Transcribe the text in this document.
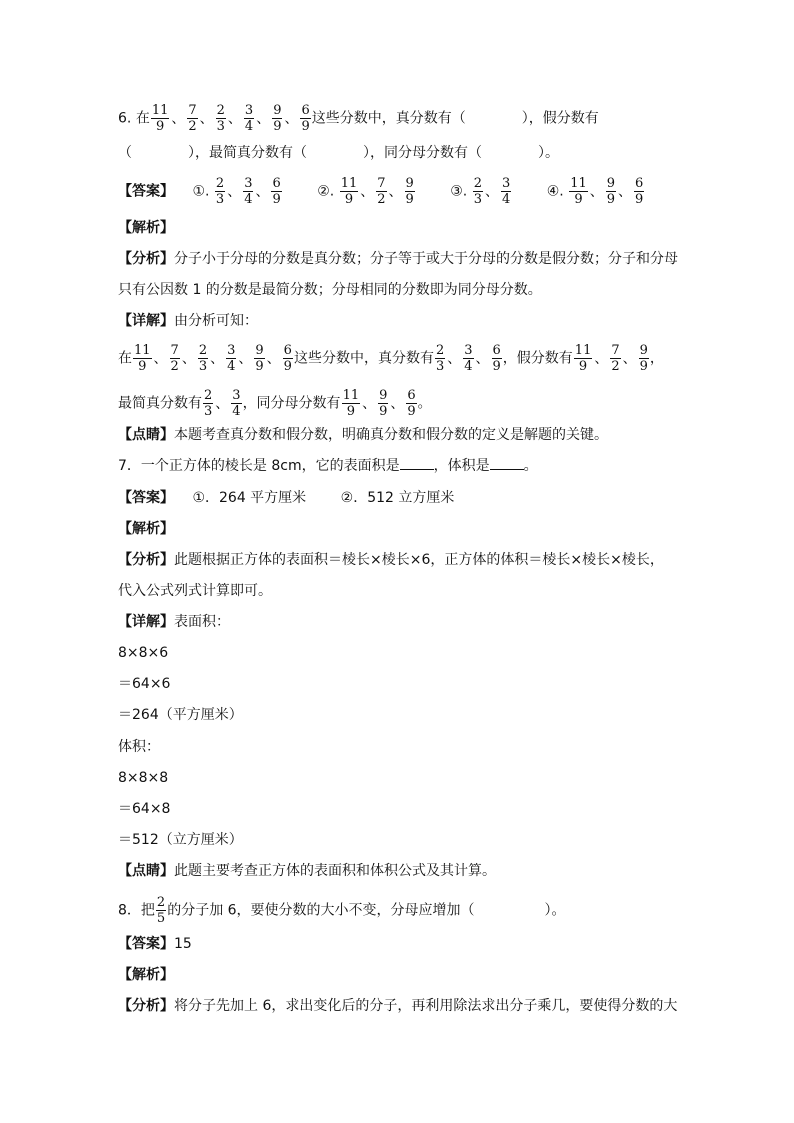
6. 在 $\frac{11}{9}$ 、 $\frac{7}{2}$ 、 $\frac{2}{3}$ 、 $\frac{3}{4}$ 、 $\frac{9}{9}$ 、 $\frac{6}{9}$ 这些分数中，真分数有（　　　　），假分数有
（　　　　），最简真分数有（　　　　），同分母分数有（　　　　）。
【答案】 ①. $\frac{2}{3}$ 、 $\frac{3}{4}$ 、 $\frac{6}{9}$	②. $\frac{11}{9}$ 、 $\frac{7}{2}$ 、 $\frac{9}{9}$	③. $\frac{2}{3}$ 、 $\frac{3}{4}$	④. $\frac{11}{9}$ 、 $\frac{9}{9}$ 、 $\frac{6}{9}$
【解析】
【分析】分子小于分母的分数是真分数；分子等于或大于分母的分数是假分数；分子和分母
只有公因数 1 的分数是最简分数；分母相同的分数即为同分母分数。
【详解】由分析可知：
在 $\frac{11}{9}$ 、 $\frac{7}{2}$ 、 $\frac{2}{3}$ 、 $\frac{3}{4}$ 、 $\frac{9}{9}$ 、 $\frac{6}{9}$ 这些分数中，真分数有 $\frac{2}{3}$ 、 $\frac{3}{4}$ 、 $\frac{6}{9}$ ，假分数有 $\frac{11}{9}$ 、 $\frac{7}{2}$ 、 $\frac{9}{9}$ ，
最简真分数有 $\frac{2}{3}$ 、 $\frac{3}{4}$ ，同分母分数有 $\frac{11}{9}$ 、 $\frac{9}{9}$ 、 $\frac{6}{9}$ 。
【点睛】本题考查真分数和假分数，明确真分数和假分数的定义是解题的关键。
7．一个正方体的棱长是 8cm，它的表面积是 ，体积是 。
【答案】 ①．264 平方厘米 ②．512 立方厘米
【解析】
【分析】此题根据正方体的表面积＝棱长×棱长×6，正方体的体积＝棱长×棱长×棱长，
代入公式列式计算即可。
【详解】表面积：
8×8×6
＝64×6
＝264（平方厘米）
体积：
8×8×8
＝64×8
＝512（立方厘米）
【点睛】此题主要考查正方体的表面积和体积公式及其计算。
8．把 $\frac{2}{5}$ 的分子加 6，要使分数的大小不变，分母应增加（　　　　　）。
【答案】15
【解析】
【分析】将分子先加上 6，求出变化后的分子，再利用除法求出分子乘几，要使得分数的大
